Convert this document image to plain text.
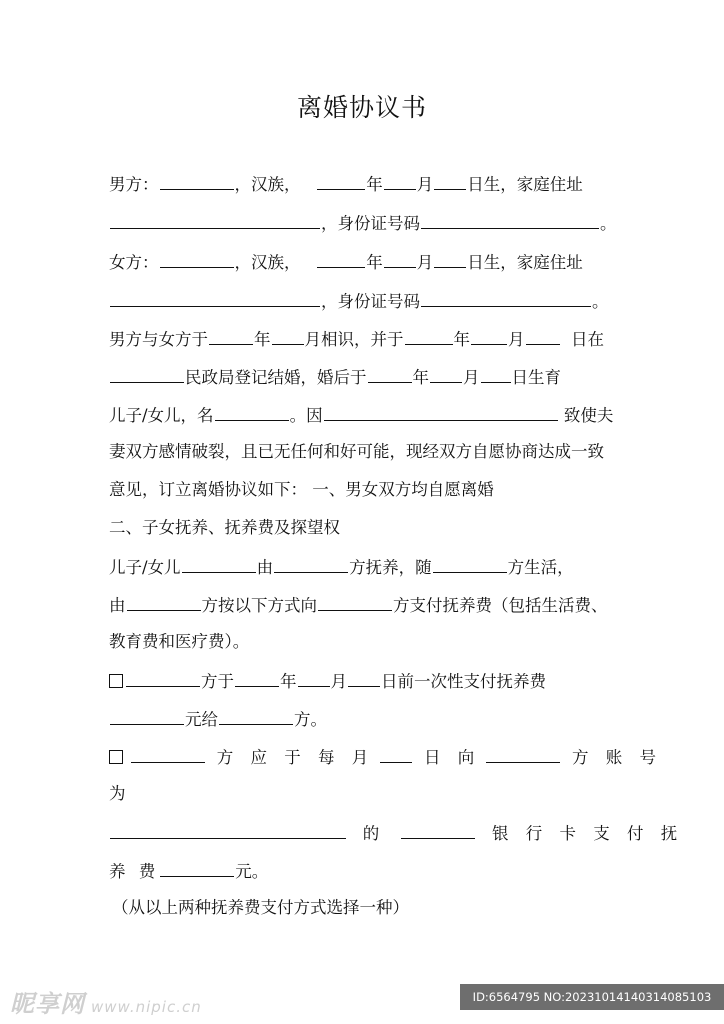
离婚协议书
男方：	，汉族，	年 月 日生，家庭住址
，身份证号码	。
女方：	，汉族，	年 月 日生，家庭住址
，身份证号码	。
男方与女方于	年 月相识，并于	年 月	日在
民政局登记结婚，婚后于	年 月 日生育
儿子/女儿，名	。因	致使夫
妻双方感情破裂，且已无任何和好可能，现经双方自愿协商达成一致
意见，订立离婚协议如下： 一、男女双方均自愿离婚
二、子女抚养、抚养费及探望权
儿子/女儿	由	方抚养，随	方生活，
由	方按以下方式向	方支付抚养费（包括生活费、
教育费和医疗费）。
方于	年 月 日前一次性支付抚养费
元给	方。
方 应 于 每 月	日 向	方 账 号
为
的	银 行 卡 支 付 抚
养 费	元。
（从以上两种抚养费支付方式选择一种）
昵享网 www.nipic.cn
ID:6564795 NO:20231014140314085103
